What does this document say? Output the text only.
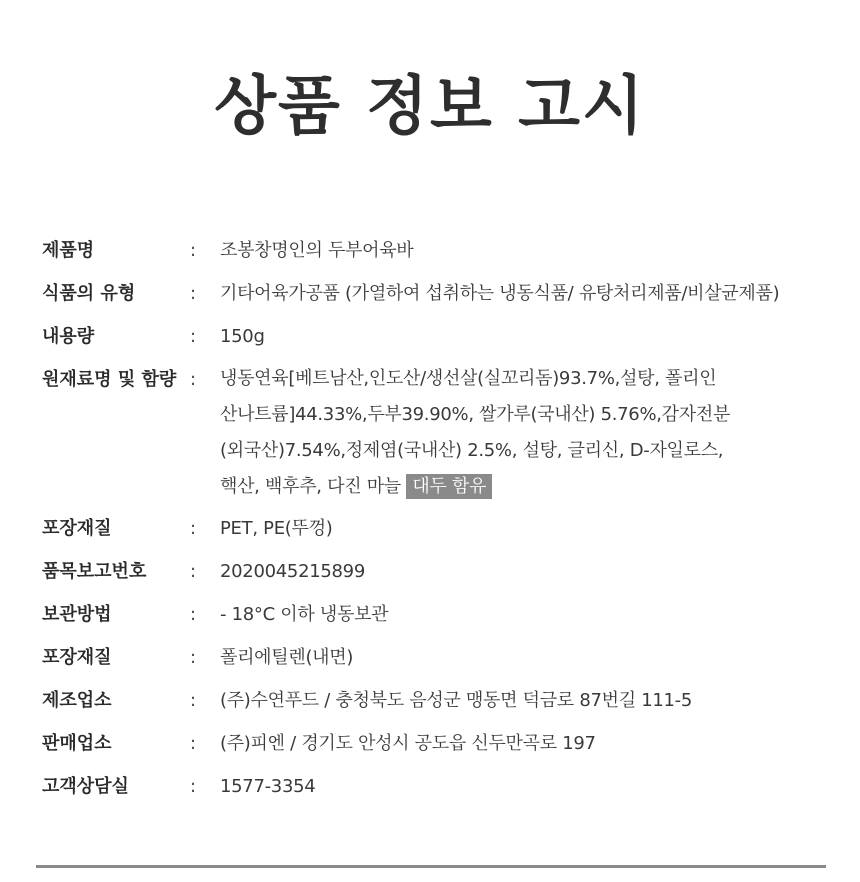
상품 정보 고시
제품명	:	조봉창명인의 두부어육바
식품의 유형	:	기타어육가공품 (가열하여 섭취하는 냉동식품/ 유탕처리제품/비살균제품)
내용량	:	150g
원재료명 및 함량 :	냉동연육[베트남산,인도산/생선살(실꼬리돔)93.7%,설탕, 폴리인
산나트륨]44.33%,두부39.90%, 쌀가루(국내산) 5.76%,감자전분
(외국산)7.54%,정제염(국내산) 2.5%, 설탕, 글리신, D-자일로스,
핵산, 백후추, 다진 마늘 대두 함유
포장재질	:	PET, PE(뚜껑)
품목보고번호	:	2020045215899
보관방법	:	- 18°C 이하 냉동보관
포장재질	:	폴리에틸렌(내면)
제조업소	:	(주)수연푸드 / 충청북도 음성군 맹동면 덕금로 87번길 111-5
판매업소	:	(주)피엔 / 경기도 안성시 공도읍 신두만곡로 197
고객상담실	:	1577-3354
